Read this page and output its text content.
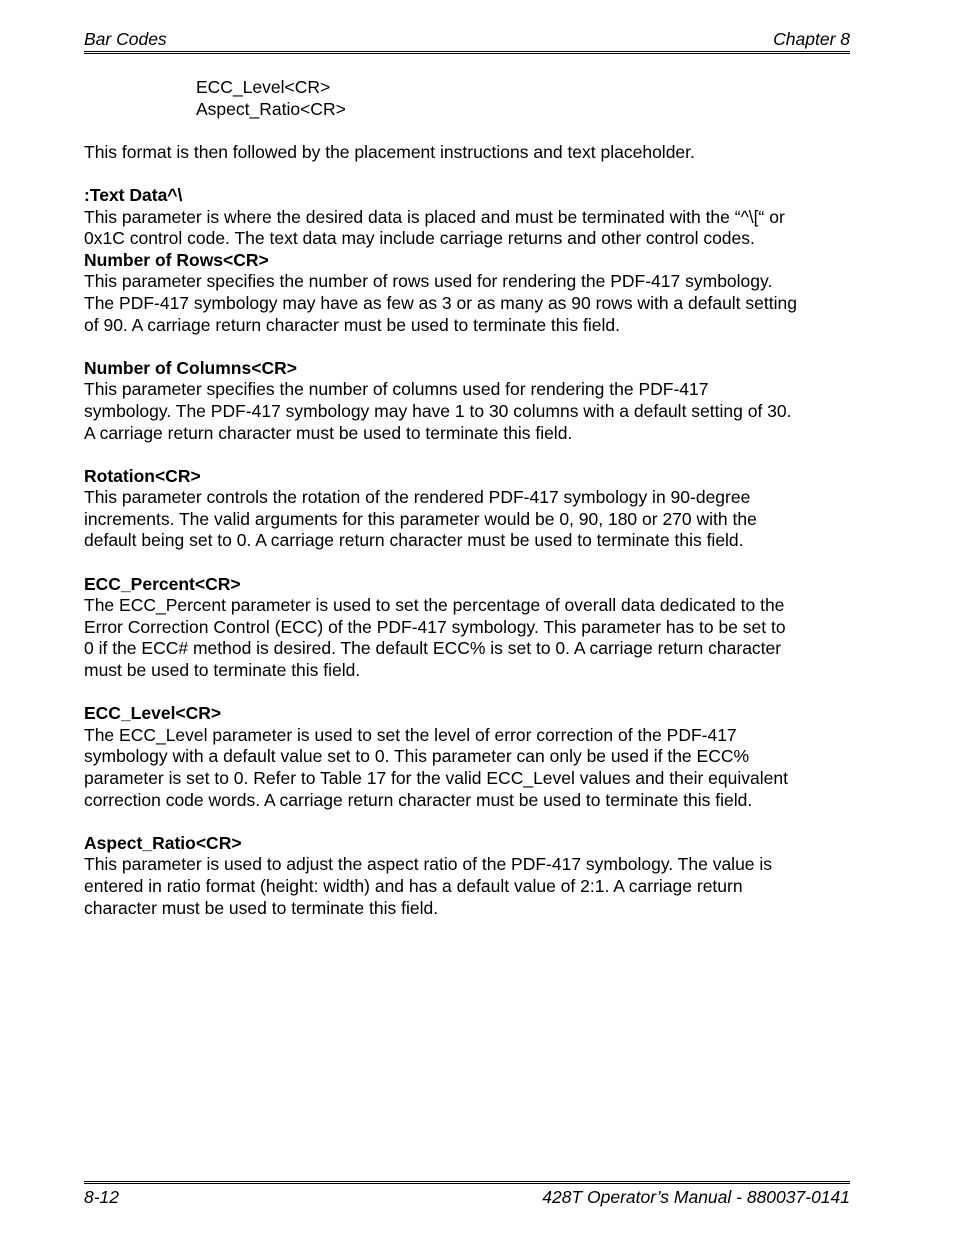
Bar Codes	Chapter 8

ECC_Level<CR>

Aspect_Ratio<CR>

This format is then followed by the placement instructions and text placeholder.

:Text Data^\

This parameter is where the desired data is placed and must be terminated with the “^\[“ or

0x1C control code. The text data may include carriage returns and other control codes.

Number of Rows<CR>

This parameter specifies the number of rows used for rendering the PDF-417 symbology.

The PDF-417 symbology may have as few as 3 or as many as 90 rows with a default setting

of 90. A carriage return character must be used to terminate this field.

Number of Columns<CR>

This parameter specifies the number of columns used for rendering the PDF-417

symbology. The PDF-417 symbology may have 1 to 30 columns with a default setting of 30.

A carriage return character must be used to terminate this field.

Rotation<CR>

This parameter controls the rotation of the rendered PDF-417 symbology in 90-degree

increments. The valid arguments for this parameter would be 0, 90, 180 or 270 with the

default being set to 0. A carriage return character must be used to terminate this field.

ECC_Percent<CR>

The ECC_Percent parameter is used to set the percentage of overall data dedicated to the

Error Correction Control (ECC) of the PDF-417 symbology. This parameter has to be set to

0 if the ECC# method is desired. The default ECC% is set to 0. A carriage return character

must be used to terminate this field.

ECC_Level<CR>

The ECC_Level parameter is used to set the level of error correction of the PDF-417

symbology with a default value set to 0. This parameter can only be used if the ECC%

parameter is set to 0. Refer to Table 17 for the valid ECC_Level values and their equivalent

correction code words. A carriage return character must be used to terminate this field.

Aspect_Ratio<CR>

This parameter is used to adjust the aspect ratio of the PDF-417 symbology. The value is

entered in ratio format (height: width) and has a default value of 2:1. A carriage return

character must be used to terminate this field.

8-12	428T Operator’s Manual - 880037-0141
